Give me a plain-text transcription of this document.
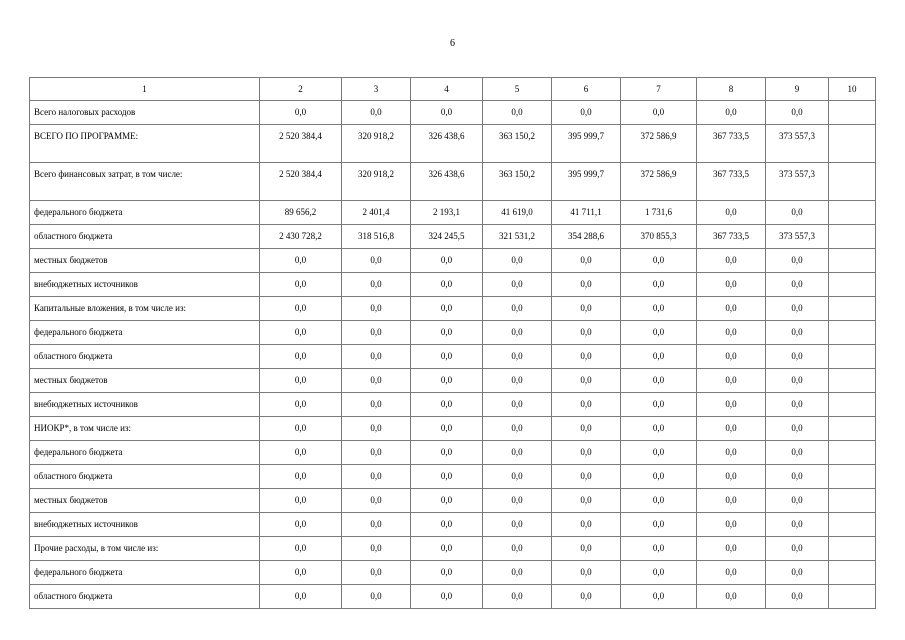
6
1	2	3	4	5	6	7	8	9	10
Всего налоговых расходов	0,0	0,0	0,0	0,0	0,0	0,0	0,0	0,0	
ВСЕГО ПО ПРОГРАММЕ:	2 520 384,4	320 918,2	326 438,6	363 150,2	395 999,7	372 586,9	367 733,5	373 557,3	
Всего финансовых затрат, в том числе:	2 520 384,4	320 918,2	326 438,6	363 150,2	395 999,7	372 586,9	367 733,5	373 557,3	
федерального бюджета	89 656,2	2 401,4	2 193,1	41 619,0	41 711,1	1 731,6	0,0	0,0	
областного бюджета	2 430 728,2	318 516,8	324 245,5	321 531,2	354 288,6	370 855,3	367 733,5	373 557,3	
местных бюджетов	0,0	0,0	0,0	0,0	0,0	0,0	0,0	0,0	
внебюджетных источников	0,0	0,0	0,0	0,0	0,0	0,0	0,0	0,0	
Капитальные вложения, в том числе из:	0,0	0,0	0,0	0,0	0,0	0,0	0,0	0,0	
федерального бюджета	0,0	0,0	0,0	0,0	0,0	0,0	0,0	0,0	
областного бюджета	0,0	0,0	0,0	0,0	0,0	0,0	0,0	0,0	
местных бюджетов	0,0	0,0	0,0	0,0	0,0	0,0	0,0	0,0	
внебюджетных источников	0,0	0,0	0,0	0,0	0,0	0,0	0,0	0,0	
НИОКР*, в том числе из:	0,0	0,0	0,0	0,0	0,0	0,0	0,0	0,0	
федерального бюджета	0,0	0,0	0,0	0,0	0,0	0,0	0,0	0,0	
областного бюджета	0,0	0,0	0,0	0,0	0,0	0,0	0,0	0,0	
местных бюджетов	0,0	0,0	0,0	0,0	0,0	0,0	0,0	0,0	
внебюджетных источников	0,0	0,0	0,0	0,0	0,0	0,0	0,0	0,0	
Прочие расходы, в том числе из:	0,0	0,0	0,0	0,0	0,0	0,0	0,0	0,0	
федерального бюджета	0,0	0,0	0,0	0,0	0,0	0,0	0,0	0,0	
областного бюджета	0,0	0,0	0,0	0,0	0,0	0,0	0,0	0,0	
